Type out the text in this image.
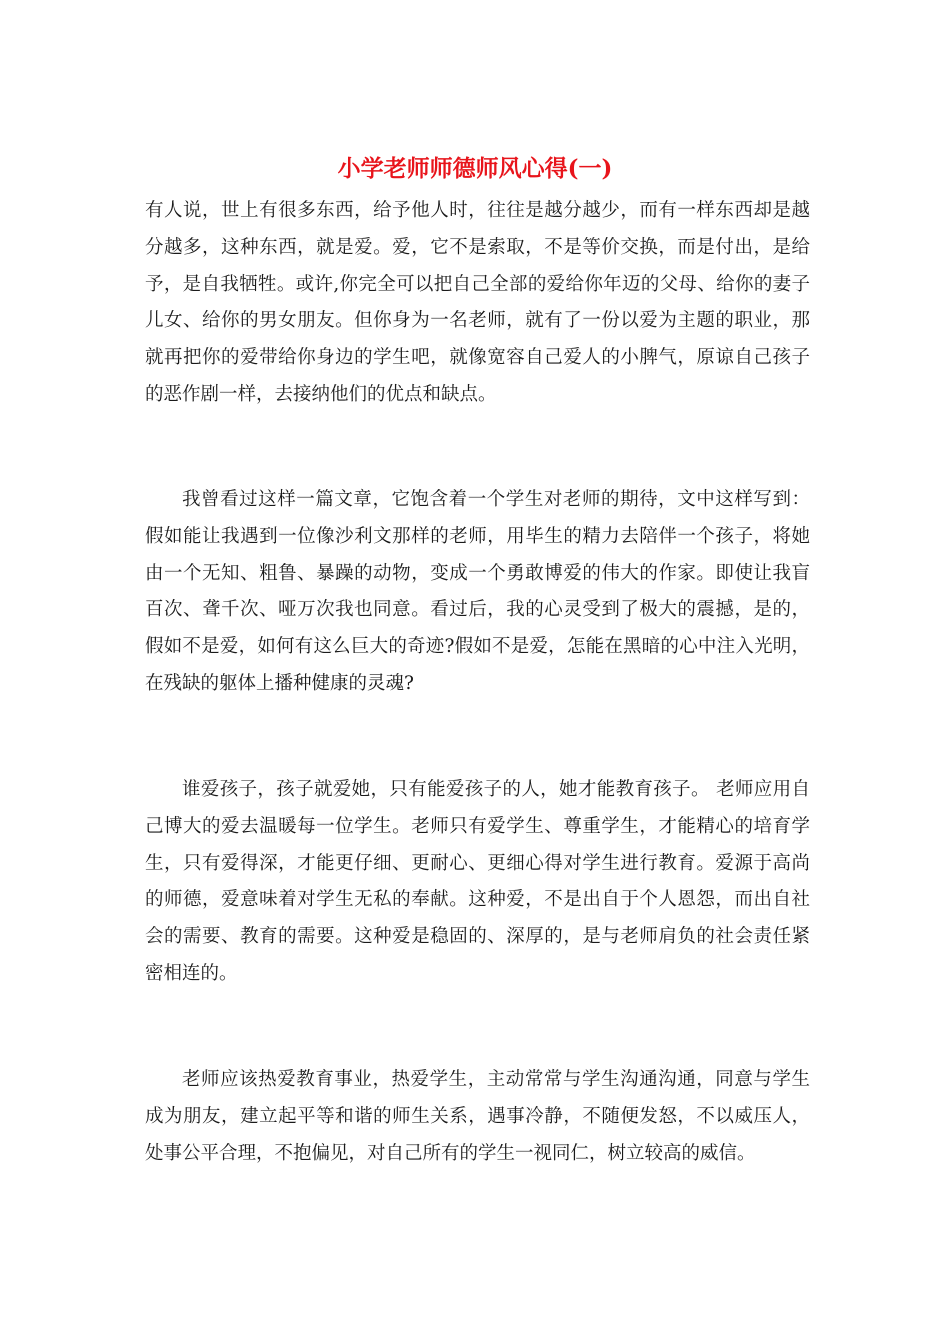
小学老师师德师风心得(一)

有人说，世上有很多东西，给予他人时，往往是越分越少，而有一样东西却是越分越多，这种东西，就是爱。爱，它不是索取，不是等价交换，而是付出，是给予，是自我牺牲。或许,你完全可以把自己全部的爱给你年迈的父母、给你的妻子儿女、给你的男女朋友。但你身为一名老师，就有了一份以爱为主题的职业，那就再把你的爱带给你身边的学生吧，就像宽容自己爱人的小脾气，原谅自己孩子的恶作剧一样，去接纳他们的优点和缺点。

我曾看过这样一篇文章，它饱含着一个学生对老师的期待，文中这样写到：假如能让我遇到一位像沙利文那样的老师，用毕生的精力去陪伴一个孩子，将她由一个无知、粗鲁、暴躁的动物，变成一个勇敢博爱的伟大的作家。即使让我盲百次、聋千次、哑万次我也同意。看过后，我的心灵受到了极大的震撼，是的，假如不是爱，如何有这么巨大的奇迹?假如不是爱，怎能在黑暗的心中注入光明，在残缺的躯体上播种健康的灵魂?

谁爱孩子，孩子就爱她，只有能爱孩子的人，她才能教育孩子。 老师应用自己博大的爱去温暖每一位学生。老师只有爱学生、尊重学生，才能精心的培育学生，只有爱得深，才能更仔细、更耐心、更细心得对学生进行教育。爱源于高尚的师德，爱意味着对学生无私的奉献。这种爱，不是出自于个人恩怨，而出自社会的需要、教育的需要。这种爱是稳固的、深厚的，是与老师肩负的社会责任紧密相连的。

老师应该热爱教育事业，热爱学生，主动常常与学生沟通沟通，同意与学生成为朋友，建立起平等和谐的师生关系，遇事冷静，不随便发怒，不以威压人，处事公平合理，不抱偏见，对自己所有的学生一视同仁，树立较高的威信。
